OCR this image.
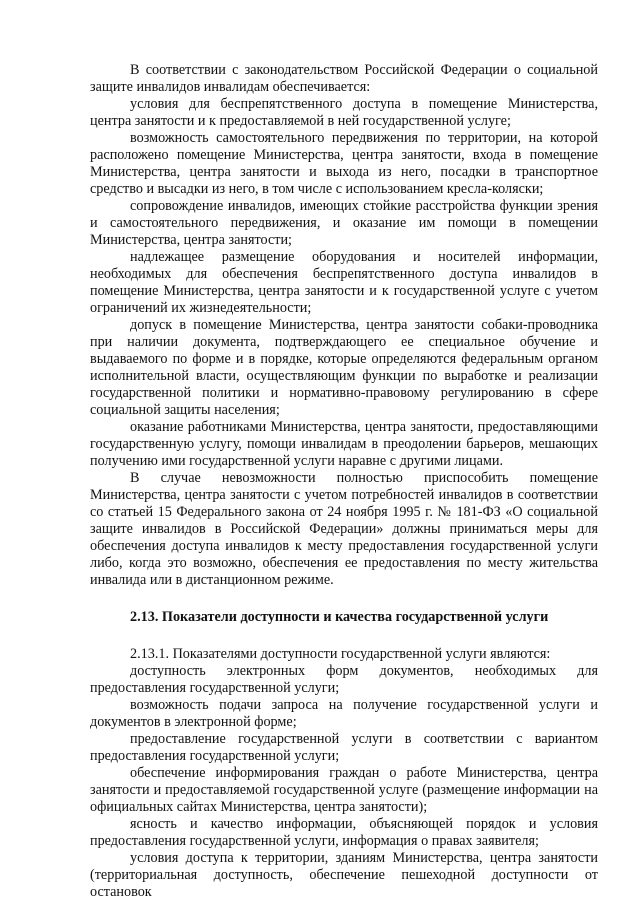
В соответствии с законодательством Российской Федерации о социальной защите инвалидов инвалидам обеспечивается:

условия для беспрепятственного доступа в помещение Министерства, центра занятости и к предоставляемой в ней государственной услуге;

возможность самостоятельного передвижения по территории, на которой расположено помещение Министерства, центра занятости, входа в помещение Министерства, центра занятости и выхода из него, посадки в транспортное средство и высадки из него, в том числе с использованием кресла-коляски;

сопровождение инвалидов, имеющих стойкие расстройства функции зрения и самостоятельного передвижения, и оказание им помощи в помещении Министерства, центра занятости;

надлежащее размещение оборудования и носителей информации, необходимых для обеспечения беспрепятственного доступа инвалидов в помещение Министерства, центра занятости и к государственной услуге с учетом ограничений их жизнедеятельности;

допуск в помещение Министерства, центра занятости собаки-проводника при наличии документа, подтверждающего ее специальное обучение и выдаваемого по форме и в порядке, которые определяются федеральным органом исполнительной власти, осуществляющим функции по выработке и реализации государственной политики и нормативно-правовому регулированию в сфере социальной защиты населения;

оказание работниками Министерства, центра занятости, предоставляющими государственную услугу, помощи инвалидам в преодолении барьеров, мешающих получению ими государственной услуги наравне с другими лицами.

В случае невозможности полностью приспособить помещение Министерства, центра занятости с учетом потребностей инвалидов в соответствии со статьей 15 Федерального закона от 24 ноября 1995 г. № 181-ФЗ «О социальной защите инвалидов в Российской Федерации» должны приниматься меры для обеспечения доступа инвалидов к месту предоставления государственной услуги либо, когда это возможно, обеспечения ее предоставления по месту жительства инвалида или в дистанционном режиме.

2.13. Показатели доступности и качества государственной услуги

2.13.1. Показателями доступности государственной услуги являются:

доступность электронных форм документов, необходимых для предоставления государственной услуги;

возможность подачи запроса на получение государственной услуги и документов в электронной форме;

предоставление государственной услуги в соответствии с вариантом предоставления государственной услуги;

обеспечение информирования граждан о работе Министерства, центра занятости и предоставляемой государственной услуге (размещение информации на официальных сайтах Министерства, центра занятости);

ясность и качество информации, объясняющей порядок и условия предоставления государственной услуги, информация о правах заявителя;

условия доступа к территории, зданиям Министерства, центра занятости (территориальная доступность, обеспечение пешеходной доступности от остановок
